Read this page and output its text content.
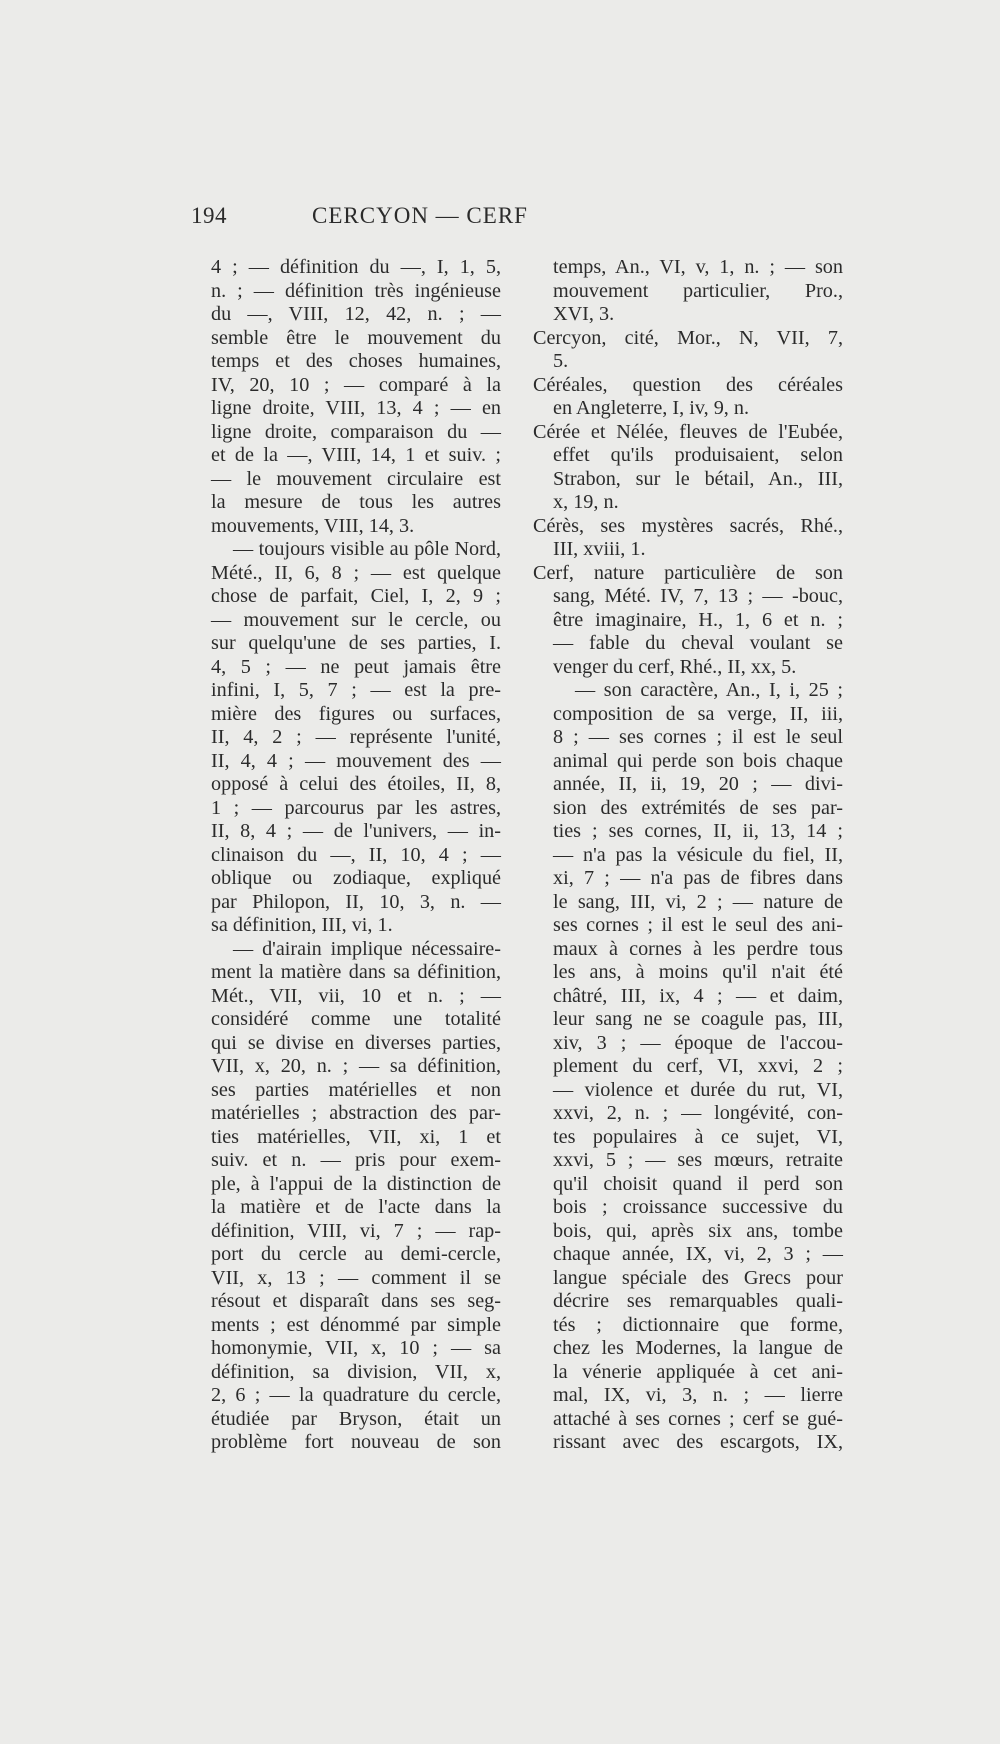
194	CERCYON — CERF
4 ; — définition du —, I, 1, 5,
n. ; — définition très ingénieuse
du —, VIII, 12, 42, n. ; —
semble être le mouvement du
temps et des choses humaines,
IV, 20, 10 ; — comparé à la
ligne droite, VIII, 13, 4 ; — en
ligne droite, comparaison du —
et de la —, VIII, 14, 1 et suiv. ;
— le mouvement circulaire est
la mesure de tous les autres
mouvements, VIII, 14, 3.
— toujours visible au pôle Nord,
Mété., II, 6, 8 ; — est quelque
chose de parfait, Ciel, I, 2, 9 ;
— mouvement sur le cercle, ou
sur quelqu'une de ses parties, I.
4, 5 ; — ne peut jamais être
infini, I, 5, 7 ; — est la pre-
mière des figures ou surfaces,
II, 4, 2 ; — représente l'unité,
II, 4, 4 ; — mouvement des —
opposé à celui des étoiles, II, 8,
1 ; — parcourus par les astres,
II, 8, 4 ; — de l'univers, — in-
clinaison du —, II, 10, 4 ; —
oblique ou zodiaque, expliqué
par Philopon, II, 10, 3, n. —
sa définition, III, vi, 1.
— d'airain implique nécessaire-
ment la matière dans sa définition,
Mét., VII, vii, 10 et n. ; —
considéré comme une totalité
qui se divise en diverses parties,
VII, x, 20, n. ; — sa définition,
ses parties matérielles et non
matérielles ; abstraction des par-
ties matérielles, VII, xi, 1 et
suiv. et n. — pris pour exem-
ple, à l'appui de la distinction de
la matière et de l'acte dans la
définition, VIII, vi, 7 ; — rap-
port du cercle au demi-cercle,
VII, x, 13 ; — comment il se
résout et disparaît dans ses seg-
ments ; est dénommé par simple
homonymie, VII, x, 10 ; — sa
définition, sa division, VII, x,
2, 6 ; — la quadrature du cercle,
étudiée par Bryson, était un
problème fort nouveau de son
temps, An., VI, v, 1, n. ; — son
mouvement particulier, Pro.,
XVI, 3.
Cercyon, cité, Mor., N, VII, 7,
5.
Céréales, question des céréales
en Angleterre, I, iv, 9, n.
Cérée et Nélée, fleuves de l'Eubée,
effet qu'ils produisaient, selon
Strabon, sur le bétail, An., III,
x, 19, n.
Cérès, ses mystères sacrés, Rhé.,
III, xviii, 1.
Cerf, nature particulière de son
sang, Mété. IV, 7, 13 ; — -bouc,
être imaginaire, H., 1, 6 et n. ;
— fable du cheval voulant se
venger du cerf, Rhé., II, xx, 5.
— son caractère, An., I, i, 25 ;
composition de sa verge, II, iii,
8 ; — ses cornes ; il est le seul
animal qui perde son bois chaque
année, II, ii, 19, 20 ; — divi-
sion des extrémités de ses par-
ties ; ses cornes, II, ii, 13, 14 ;
— n'a pas la vésicule du fiel, II,
xi, 7 ; — n'a pas de fibres dans
le sang, III, vi, 2 ; — nature de
ses cornes ; il est le seul des ani-
maux à cornes à les perdre tous
les ans, à moins qu'il n'ait été
châtré, III, ix, 4 ; — et daim,
leur sang ne se coagule pas, III,
xiv, 3 ; — époque de l'accou-
plement du cerf, VI, xxvi, 2 ;
— violence et durée du rut, VI,
xxvi, 2, n. ; — longévité, con-
tes populaires à ce sujet, VI,
xxvi, 5 ; — ses mœurs, retraite
qu'il choisit quand il perd son
bois ; croissance successive du
bois, qui, après six ans, tombe
chaque année, IX, vi, 2, 3 ; —
langue spéciale des Grecs pour
décrire ses remarquables quali-
tés ; dictionnaire que forme,
chez les Modernes, la langue de
la vénerie appliquée à cet ani-
mal, IX, vi, 3, n. ; — lierre
attaché à ses cornes ; cerf se gué-
rissant avec des escargots, IX,
